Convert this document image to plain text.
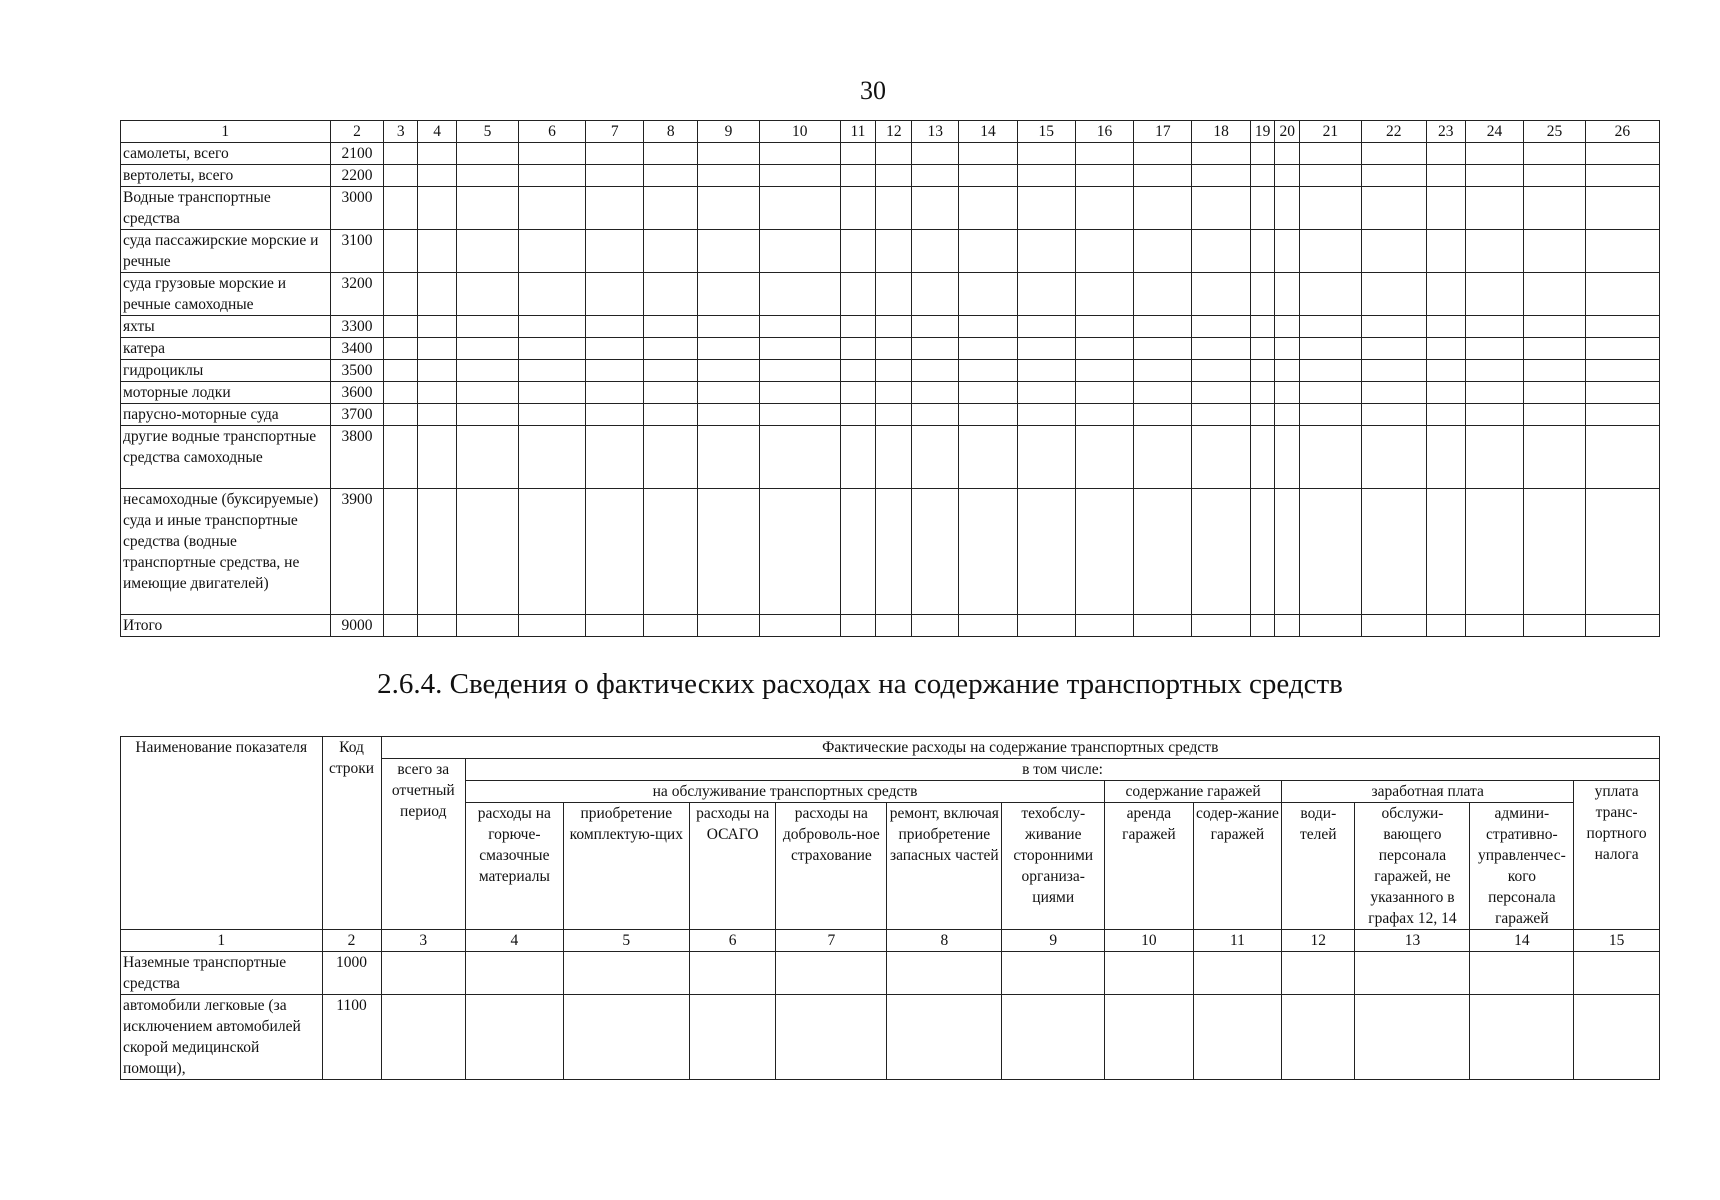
30
1	2	3	4	5	6	7	8	9	10	11	12	13	14	15	16	17	18	19	20	21	22	23	24	25	26
самолеты, всего	2100																								
вертолеты, всего	2200																								
Водные транспортные средства	3000																								
суда пассажирские морские и речные	3100																								
суда грузовые морские и речные самоходные	3200																								
яхты	3300																								
катера	3400																								
гидроциклы	3500																								
моторные лодки	3600																								
парусно-моторные суда	3700																								
другие водные транспортные средства самоходные	3800																								
несамоходные (буксируемые) суда и иные транспортные средства (водные транспортные средства, не имеющие двигателей)	3900																								
Итого	9000																								
2.6.4. Сведения о фактических расходах на содержание транспортных средств
Наименование показателя	Код строки	Фактические расходы на содержание транспортных средств												
		всего за отчетный период	в том числе:											
			на обслуживание транспортных средств						содержание гаражей		заработная плата			уплата транс-портного налога
			расходы на горюче-смазочные материалы	приобретение комплектую-щих	расходы на ОСАГО	расходы на доброволь-ное страхование	ремонт, включая приобретение запасных частей	техобслу-живание сторонними организа-циями	аренда гаражей	содер-жание гаражей	води-телей	обслужи-вающего персонала гаражей, не указанного в графах 12, 14	админи-стративно-управленчес-кого персонала гаражей	
1	2	3	4	5	6	7	8	9	10	11	12	13	14	15
Наземные транспортные средства	1000													
автомобили легковые (за исключением автомобилей скорой медицинской помощи),	1100													
